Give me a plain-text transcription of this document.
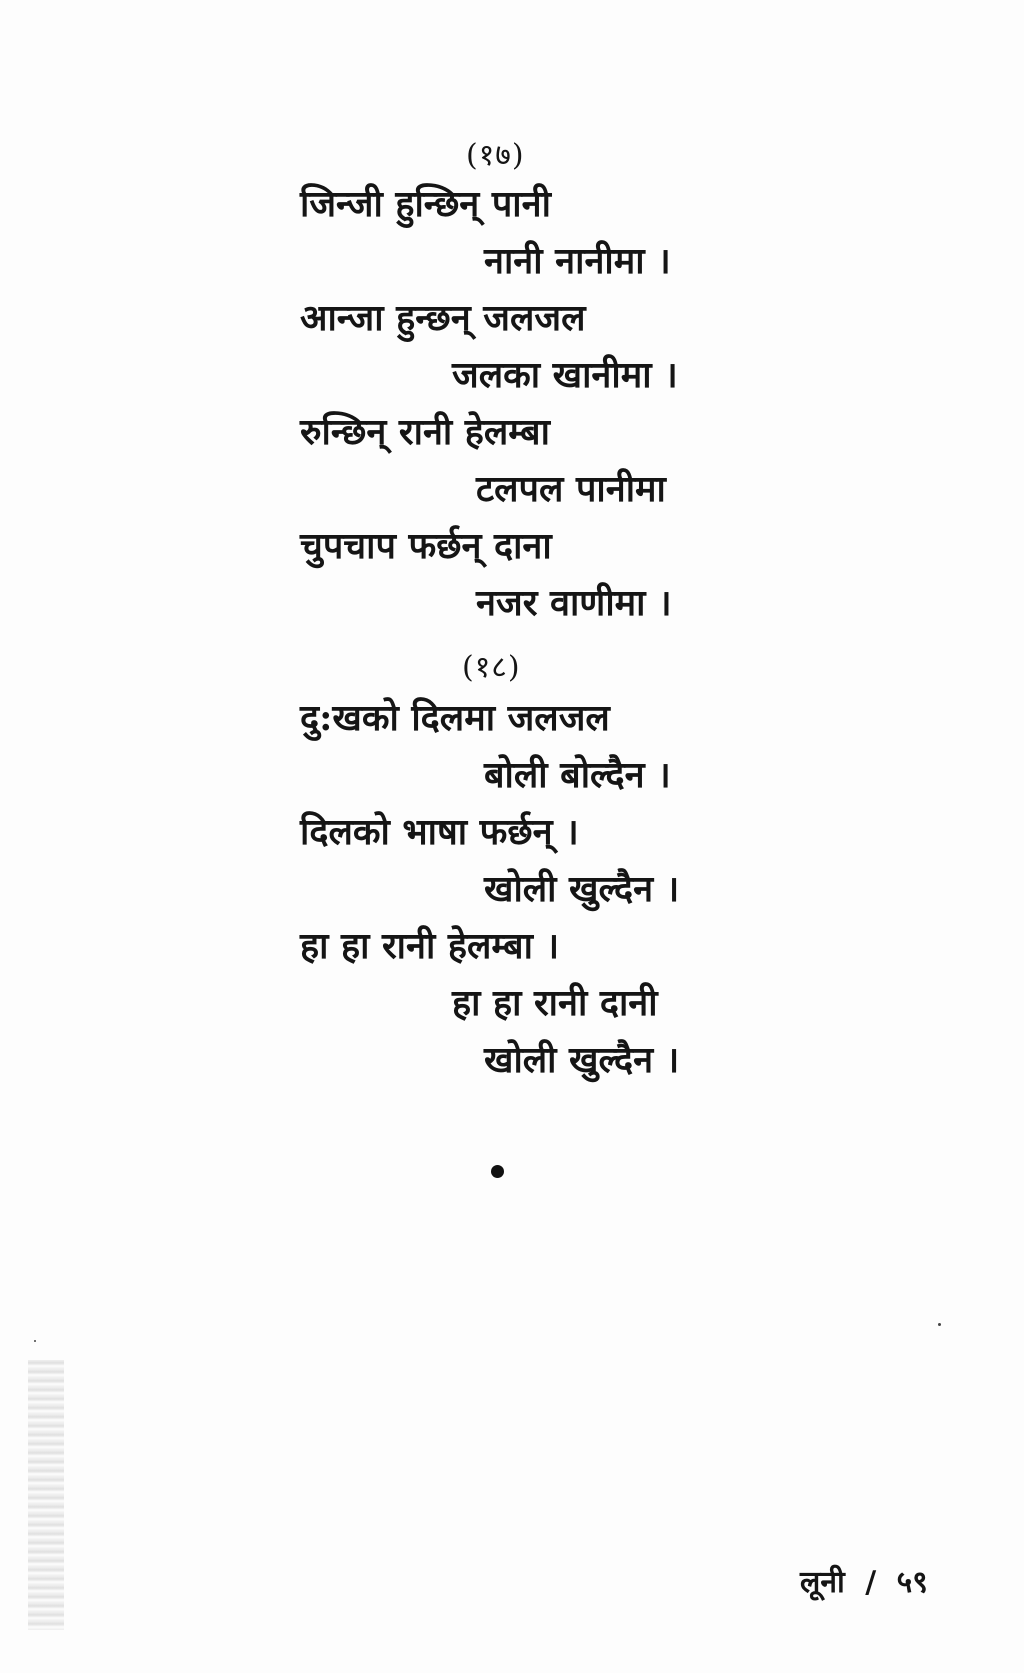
(१७)
जिन्जी हुन्छिन् पानी
नानी नानीमा ।
आन्जा हुन्छन् जलजल
जलका खानीमा ।
रुन्छिन् रानी हेलम्बा
टलपल पानीमा
चुपचाप फर्छन् दाना
नजर वाणीमा ।
(१८)
दु:खको दिलमा जलजल
बोली बोल्दैन ।
दिलको भाषा फर्छन् ।
खोली खुल्दैन ।
हा हा रानी हेलम्बा ।
हा हा रानी दानी
खोली खुल्दैन ।
लूनी / ५९
